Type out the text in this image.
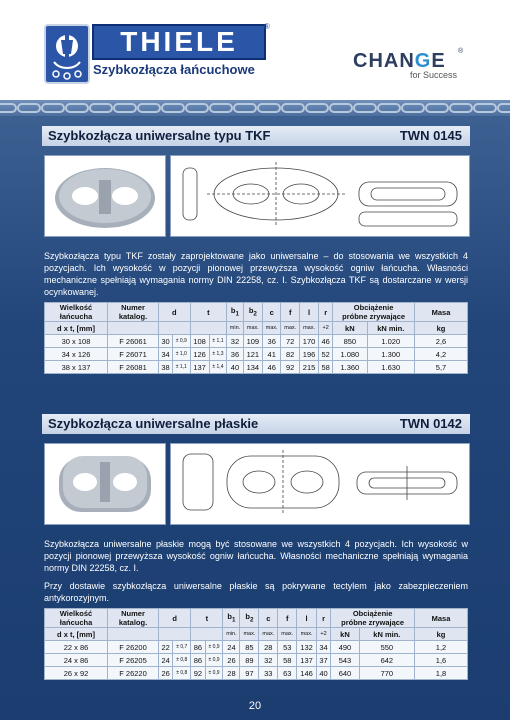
THIELE	®
Szybkozłącza łańcuchowe	CHANGE ®
for Success
Szybkozłącza uniwersalne typu TKF	TWN 0145
Szybkozłącza typu TKF zostały zaprojektowane jako uniwersalne – do stosowania we wszystkich 4 pozycjach. Ich wysokość w pozycji pionowej przewyższa wysokość ogniw łańcucha. Własności mechaniczne spełniają wymagania normy DIN 22258, cz. I. Szybkozłącza TKF są dostarczane w wersji ocynkowanej.
Wielkość łańcucha	Numer katalog.	d		t		$b_1$	$b_2$	c	f	l	r	Obciążenie
próbne zrywające		Masa
d x t, [mm]						min.	max.	max.	max.	max.	+2	kN	kN min.	kg
30 x 108	F 26061	30	± 0,9	108	± 1,1	32	109	36	72	170	46	850	1.020	2,6
34 x 126	F 26071	34	± 1,0	126	± 1,3	36	121	41	82	196	52	1.080	1.300	4,2
38 x 137	F 26081	38	± 1,1	137	± 1,4	40	134	46	92	215	58	1.360	1.630	5,7
Szybkozłącza uniwersalne płaskie	TWN 0142
Szybkozłącza uniwersalne płaskie mogą być stosowane we wszystkich 4 pozycjach. Ich wysokość w pozycji pionowej przewyższa wysokość ogniw łańcucha. Własności mechaniczne spełniają wymagania normy DIN 22258, cz. I.
Przy dostawie szybkozłącza uniwersalne płaskie są pokrywane tectylem jako zabezpieczeniem antykorozyjnym.
Wielkość łańcucha	Numer katalog.	d		t		$b_1$	$b_2$	c	f	l	r	Obciążenie
próbne zrywające		Masa
d x t, [mm]						min.	max.	max.	max.	max.	+2	kN	kN min.	kg
22 x 86	F 26200	22	± 0,7	86	± 0,9	24	85	28	53	132	34	490	550	1,2
24 x 86	F 26205	24	± 0,8	86	± 0,9	26	89	32	58	137	37	543	642	1,6
26 x 92	F 26220	26	± 0,8	92	± 0,9	28	97	33	63	146	40	640	770	1,8
20
